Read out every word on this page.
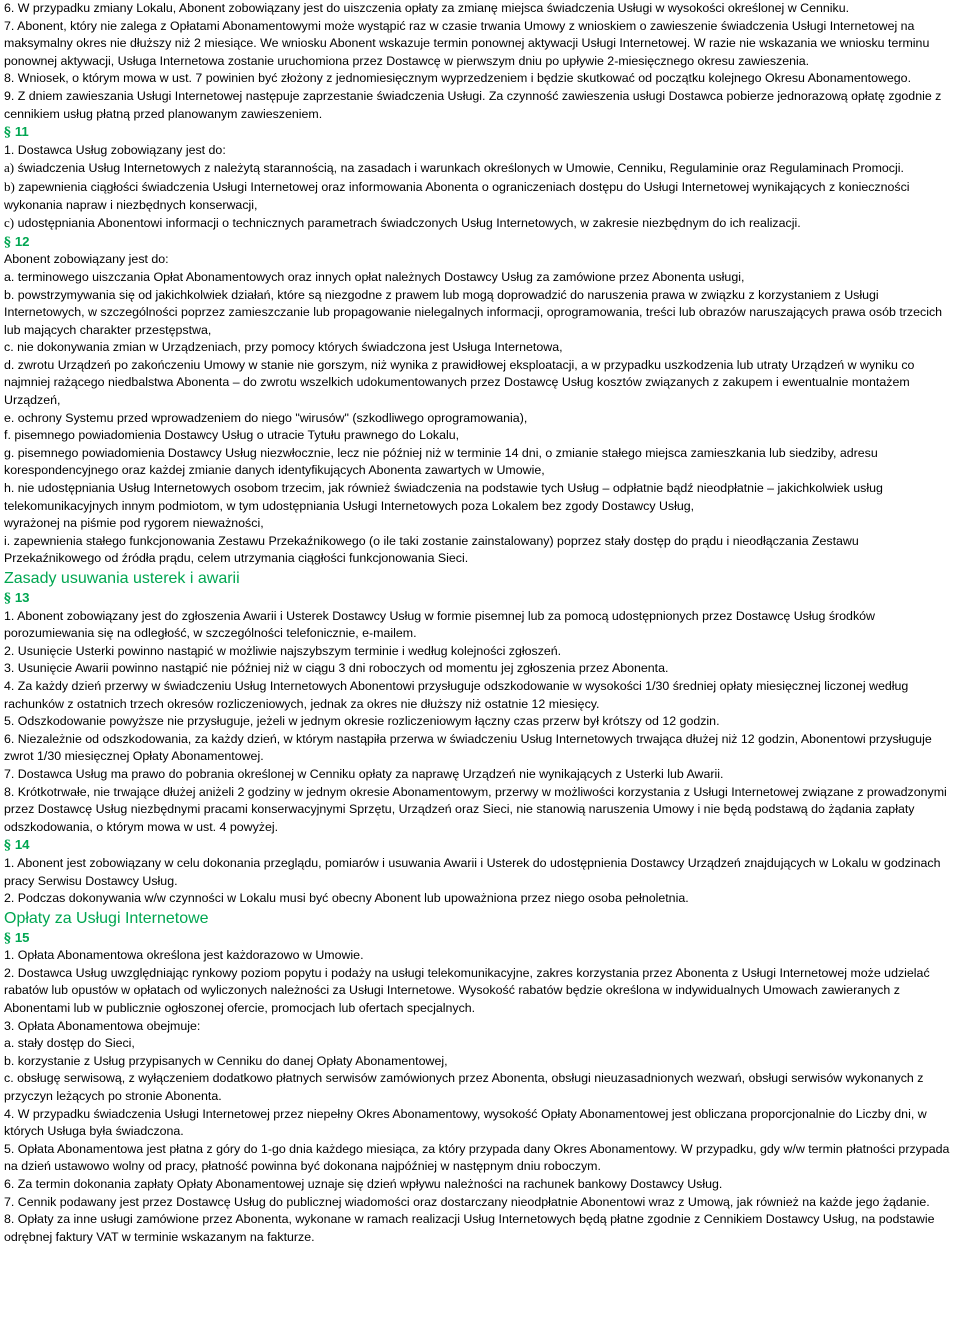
6. W przypadku zmiany Lokalu, Abonent zobowiązany jest do uiszczenia opłaty za zmianę miejsca świadczenia Usługi w wysokości określonej w Cenniku.

7. Abonent, który nie zalega z Opłatami Abonamentowymi może wystąpić raz w czasie trwania Umowy z wnioskiem o zawieszenie świadczenia Usługi Internetowej na maksymalny okres nie dłuższy niż 2 miesiące. We wniosku Abonent wskazuje termin ponownej aktywacji Usługi Internetowej. W razie nie wskazania we wniosku terminu ponownej aktywacji, Usługa Internetowa zostanie uruchomiona przez Dostawcę w pierwszym dniu po upływie 2-miesięcznego okresu zawieszenia.

8. Wniosek, o którym mowa w ust. 7 powinien być złożony z jednomiesięcznym wyprzedzeniem i będzie skutkować od początku kolejnego Okresu Abonamentowego.

9. Z dniem zawieszania Usługi Internetowej następuje zaprzestanie świadczenia Usługi. Za czynność zawieszenia usługi Dostawca pobierze jednorazową opłatę zgodnie z cennikiem usług płatną przed planowanym zawieszeniem.

§ 11

1. Dostawca Usług zobowiązany jest do:

a) świadczenia Usług Internetowych z należytą starannością, na zasadach i warunkach określonych w Umowie, Cenniku, Regulaminie oraz Regulaminach Promocji.

b) zapewnienia ciągłości świadczenia Usługi Internetowej oraz informowania Abonenta o ograniczeniach dostępu do Usługi Internetowej wynikających z konieczności wykonania napraw i niezbędnych konserwacji,

c) udostępniania Abonentowi informacji o technicznych parametrach świadczonych Usług Internetowych, w zakresie niezbędnym do ich realizacji.

§ 12

Abonent zobowiązany jest do:

a. terminowego uiszczania Opłat Abonamentowych oraz innych opłat należnych Dostawcy Usług za zamówione przez Abonenta usługi,

b. powstrzymywania się od jakichkolwiek działań, które są niezgodne z prawem lub mogą doprowadzić do naruszenia prawa w związku z korzystaniem z Usługi Internetowych, w szczególności poprzez zamieszczanie lub propagowanie nielegalnych informacji, oprogramowania, treści lub obrazów naruszających prawa osób trzecich lub mających charakter przestępstwa,

c. nie dokonywania zmian w Urządzeniach, przy pomocy których świadczona jest Usługa Internetowa,

d. zwrotu Urządzeń po zakończeniu Umowy w stanie nie gorszym, niż wynika z prawidłowej eksploatacji, a w przypadku uszkodzenia lub utraty Urządzeń w wyniku co najmniej rażącego niedbalstwa Abonenta – do zwrotu wszelkich udokumentowanych przez Dostawcę Usług kosztów związanych z zakupem i ewentualnie montażem Urządzeń,

e. ochrony Systemu przed wprowadzeniem do niego "wirusów" (szkodliwego oprogramowania),

f. pisemnego powiadomienia Dostawcy Usług o utracie Tytułu prawnego do Lokalu,

g. pisemnego powiadomienia Dostawcy Usług niezwłocznie, lecz nie później niż w terminie 14 dni, o zmianie stałego miejsca zamieszkania lub siedziby, adresu korespondencyjnego oraz każdej zmianie danych identyfikujących Abonenta zawartych w Umowie,

h. nie udostępniania Usług Internetowych osobom trzecim, jak również świadczenia na podstawie tych Usług – odpłatnie bądź nieodpłatnie – jakichkolwiek usług telekomunikacyjnych innym podmiotom, w tym udostępniania Usługi Internetowych poza Lokalem bez zgody Dostawcy Usług,

wyrażonej na piśmie pod rygorem nieważności,

i. zapewnienia stałego funkcjonowania Zestawu Przekaźnikowego (o ile taki zostanie zainstalowany) poprzez stały dostęp do prądu i nieodłączania Zestawu Przekaźnikowego od źródła prądu, celem utrzymania ciągłości funkcjonowania Sieci.

Zasady usuwania usterek i awarii
§ 13

1. Abonent zobowiązany jest do zgłoszenia Awarii i Usterek Dostawcy Usług w formie pisemnej lub za pomocą udostępnionych przez Dostawcę Usług środków porozumiewania się na odległość, w szczególności telefonicznie, e-mailem.

2. Usunięcie Usterki powinno nastąpić w możliwie najszybszym terminie i według kolejności zgłoszeń.

3. Usunięcie Awarii powinno nastąpić nie później niż w ciągu 3 dni roboczych od momentu jej zgłoszenia przez Abonenta.

4. Za każdy dzień przerwy w świadczeniu Usług Internetowych Abonentowi przysługuje odszkodowanie w wysokości 1/30 średniej opłaty miesięcznej liczonej według rachunków z ostatnich trzech okresów rozliczeniowych, jednak za okres nie dłuższy niż ostatnie 12 miesięcy.

5. Odszkodowanie powyższe nie przysługuje, jeżeli w jednym okresie rozliczeniowym łączny czas przerw był krótszy od 12 godzin.

6. Niezależnie od odszkodowania, za każdy dzień, w którym nastąpiła przerwa w świadczeniu Usług Internetowych trwająca dłużej niż 12 godzin, Abonentowi przysługuje zwrot 1/30 miesięcznej Opłaty Abonamentowej.

7. Dostawca Usług ma prawo do pobrania określonej w Cenniku opłaty za naprawę Urządzeń nie wynikających z Usterki lub Awarii.

8. Krótkotrwałe, nie trwające dłużej aniżeli 2 godziny w jednym okresie Abonamentowym, przerwy w możliwości korzystania z Usługi Internetowej związane z prowadzonymi przez Dostawcę Usług niezbędnymi pracami konserwacyjnymi Sprzętu, Urządzeń oraz Sieci, nie stanowią naruszenia Umowy i nie będą podstawą do żądania zapłaty odszkodowania, o którym mowa w ust. 4 powyżej.

§ 14

1. Abonent jest zobowiązany w celu dokonania przeglądu, pomiarów i usuwania Awarii i Usterek do udostępnienia Dostawcy Urządzeń znajdujących w Lokalu w godzinach pracy Serwisu Dostawcy Usług.

2. Podczas dokonywania w/w czynności w Lokalu musi być obecny Abonent lub upoważniona przez niego osoba pełnoletnia.

Opłaty za Usługi Internetowe
§ 15

1. Opłata Abonamentowa określona jest każdorazowo w Umowie.

2. Dostawca Usług uwzględniając rynkowy poziom popytu i podaży na usługi telekomunikacyjne, zakres korzystania przez Abonenta z Usługi Internetowej może udzielać rabatów lub opustów w opłatach od wyliczonych należności za Usługi Internetowe. Wysokość rabatów będzie określona w indywidualnych Umowach zawieranych z Abonentami lub w publicznie ogłoszonej ofercie, promocjach lub ofertach specjalnych.

3. Opłata Abonamentowa obejmuje:

a. stały dostęp do Sieci,

b. korzystanie z Usług przypisanych w Cenniku do danej Opłaty Abonamentowej,

c. obsługę serwisową, z wyłączeniem dodatkowo płatnych serwisów zamówionych przez Abonenta, obsługi nieuzasadnionych wezwań, obsługi serwisów wykonanych z przyczyn leżących po stronie Abonenta.

4. W przypadku świadczenia Usługi Internetowej przez niepełny Okres Abonamentowy, wysokość Opłaty Abonamentowej jest obliczana proporcjonalnie do Liczby dni, w których Usługa była świadczona.

5. Opłata Abonamentowa jest płatna z góry do 1-go dnia każdego miesiąca, za który przypada dany Okres Abonamentowy. W przypadku, gdy w/w termin płatności przypada na dzień ustawowo wolny od pracy, płatność powinna być dokonana najpóźniej w następnym dniu roboczym.

6. Za termin dokonania zapłaty Opłaty Abonamentowej uznaje się dzień wpływu należności na rachunek bankowy Dostawcy Usług.

7. Cennik podawany jest przez Dostawcę Usług do publicznej wiadomości oraz dostarczany nieodpłatnie Abonentowi wraz z Umową, jak również na każde jego żądanie.

8. Opłaty za inne usługi zamówione przez Abonenta, wykonane w ramach realizacji Usług Internetowych będą płatne zgodnie z Cennikiem Dostawcy Usług, na podstawie odrębnej faktury VAT w terminie wskazanym na fakturze.
